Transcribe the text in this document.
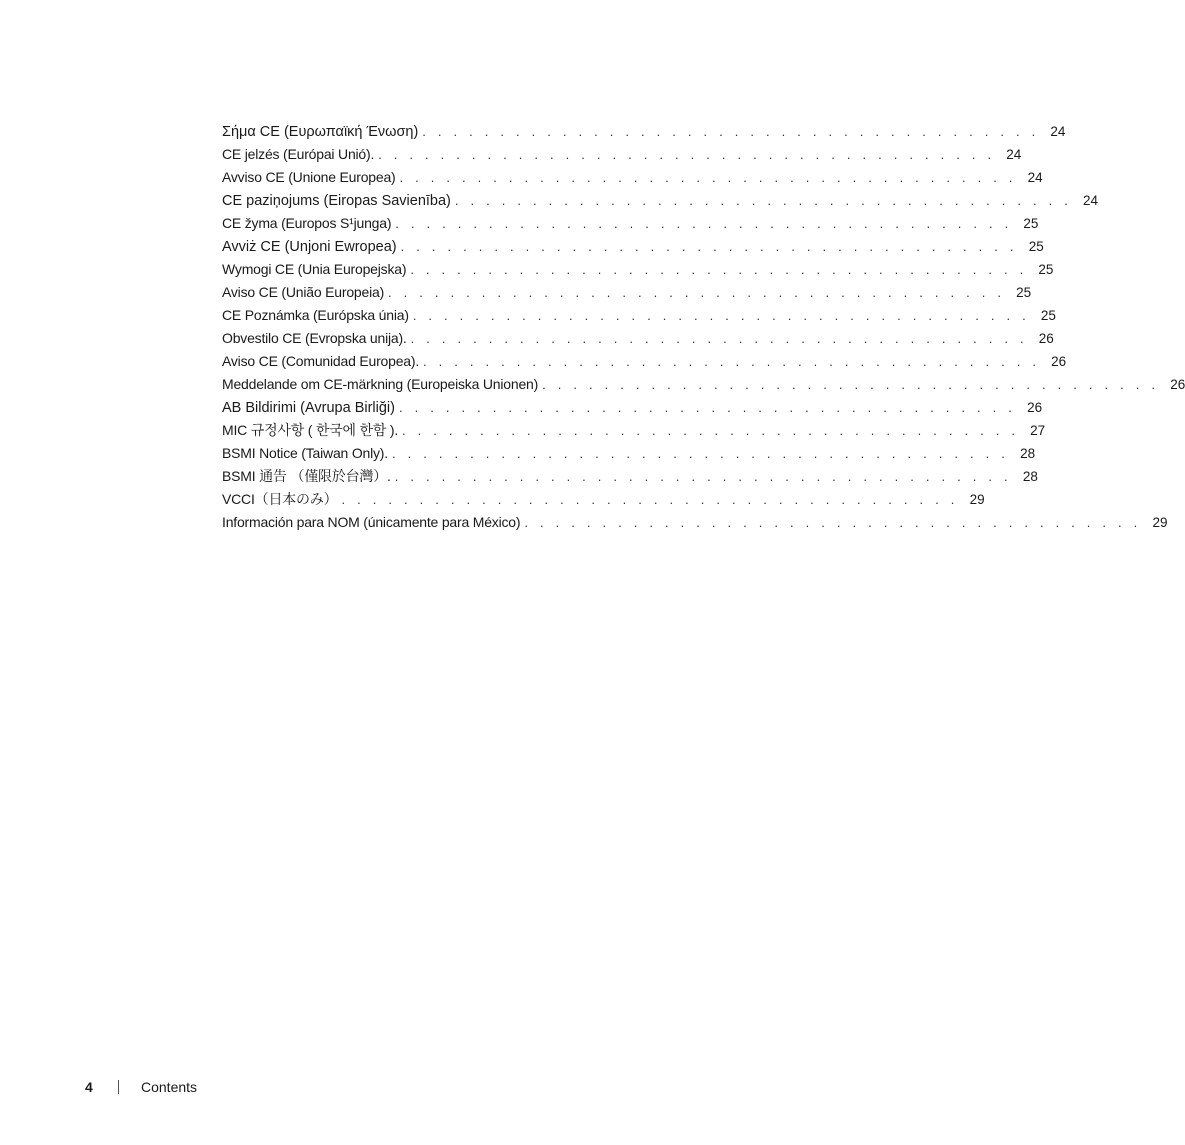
Σήμα CE (Ευρωπαϊκή Ένωση) . . . . . . . . . . . . . . . . . . . . . . . . . . . . . . . . . . . . . . . . 24
CE jelzés (Európai Unió). . . . . . . . . . . . . . . . . . . . . . . . . . . . . . . . . . . . . . . . . 24
Avviso CE (Unione Europea) . . . . . . . . . . . . . . . . . . . . . . . . . . . . . . . . . . . . . . . . 24
CE paziņojums (Eiropas Savienība) . . . . . . . . . . . . . . . . . . . . . . . . . . . . . . . . . . . . . . . . 24
CE žyma (Europos S¹junga) . . . . . . . . . . . . . . . . . . . . . . . . . . . . . . . . . . . . . . . . 25
Avviż CE (Unjoni Ewropea) . . . . . . . . . . . . . . . . . . . . . . . . . . . . . . . . . . . . . . . . 25
Wymogi CE (Unia Europejska) . . . . . . . . . . . . . . . . . . . . . . . . . . . . . . . . . . . . . . . . 25
Aviso CE (União Europeia) . . . . . . . . . . . . . . . . . . . . . . . . . . . . . . . . . . . . . . . . 25
CE Poznámka (Európska únia) . . . . . . . . . . . . . . . . . . . . . . . . . . . . . . . . . . . . . . . . 25
Obvestilo CE (Evropska unija). . . . . . . . . . . . . . . . . . . . . . . . . . . . . . . . . . . . . . . . . 26
Aviso CE (Comunidad Europea). . . . . . . . . . . . . . . . . . . . . . . . . . . . . . . . . . . . . . . . . 26
Meddelande om CE-märkning (Europeiska Unionen) . . . . . . . . . . . . . . . . . . . . . . . . . . . . . . . . . . . . . . . . 26
AB Bildirimi (Avrupa Birliği) . . . . . . . . . . . . . . . . . . . . . . . . . . . . . . . . . . . . . . . . 26
MIC 규정사항 ( 한국에 한함 ). . . . . . . . . . . . . . . . . . . . . . . . . . . . . . . . . . . . . . . . . 27
BSMI Notice (Taiwan Only). . . . . . . . . . . . . . . . . . . . . . . . . . . . . . . . . . . . . . . . . 28
BSMI 通告 （僅限於台灣）. . . . . . . . . . . . . . . . . . . . . . . . . . . . . . . . . . . . . . . . . 28
VCCI（日本のみ） . . . . . . . . . . . . . . . . . . . . . . . . . . . . . . . . . . . . . . . . 29
Información para NOM (únicamente para México) . . . . . . . . . . . . . . . . . . . . . . . . . . . . . . . . . . . . . . . . 29
4	Contents
